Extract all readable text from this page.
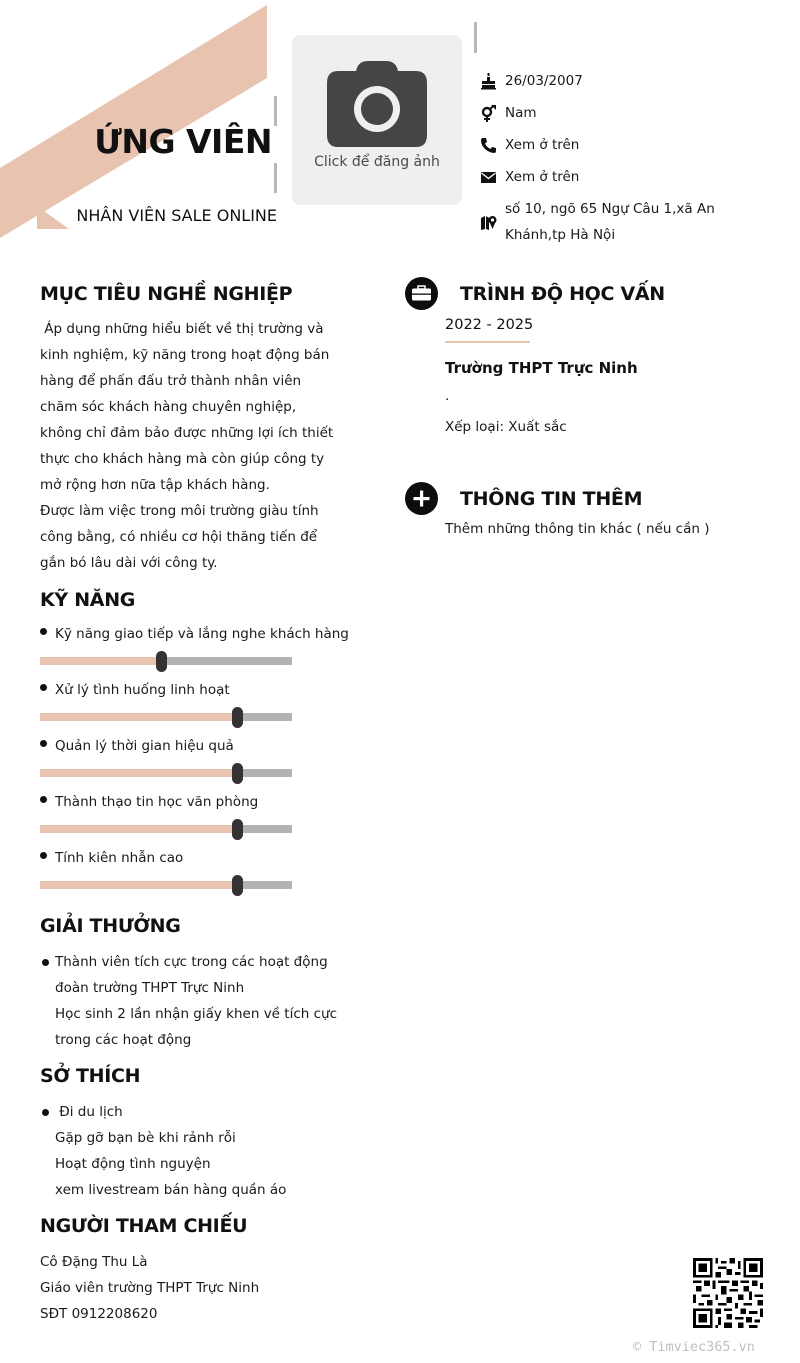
ỨNG VIÊN
NHÂN VIÊN SALE ONLINE
Click để đăng ảnh
26/03/2007
Nam
Xem ở trên
Xem ở trên
số 10, ngõ 65 Ngự Câu 1,xã An Khánh,tp Hà Nội
MỤC TIÊU NGHỀ NGHIỆP
Áp dụng những hiểu biết về thị trường và kinh nghiệm, kỹ năng trong hoạt động bán hàng để phấn đấu trở thành nhân viên chăm sóc khách hàng chuyên nghiệp, không chỉ đảm bảo được những lợi ích thiết thực cho khách hàng mà còn giúp công ty mở rộng hơn nữa tập khách hàng.
Được làm việc trong môi trường giàu tính công bằng, có nhiều cơ hội thăng tiến để gắn bó lâu dài với công ty.
KỸ NĂNG
Kỹ năng giao tiếp và lắng nghe khách hàng
Xử lý tình huống linh hoạt
Quản lý thời gian hiệu quả
Thành thạo tin học văn phòng
Tính kiên nhẫn cao
GIẢI THƯỞNG
Thành viên tích cực trong các hoạt động
đoàn trường THPT Trực Ninh
Học sinh 2 lần nhận giấy khen về tích cực
trong các hoạt động
SỞ THÍCH
Đi du lịch
Gặp gỡ bạn bè khi rảnh rỗi
Hoạt động tình nguyện
xem livestream bán hàng quần áo
NGƯỜI THAM CHIẾU
Cô Đặng Thu Là
Giáo viên trường THPT Trực Ninh
SĐT 0912208620
TRÌNH ĐỘ HỌC VẤN
2022 - 2025
Trường THPT Trực Ninh
.
Xếp loại: Xuất sắc
THÔNG TIN THÊM
Thêm những thông tin khác ( nếu cần )
© Timviec365.vn
